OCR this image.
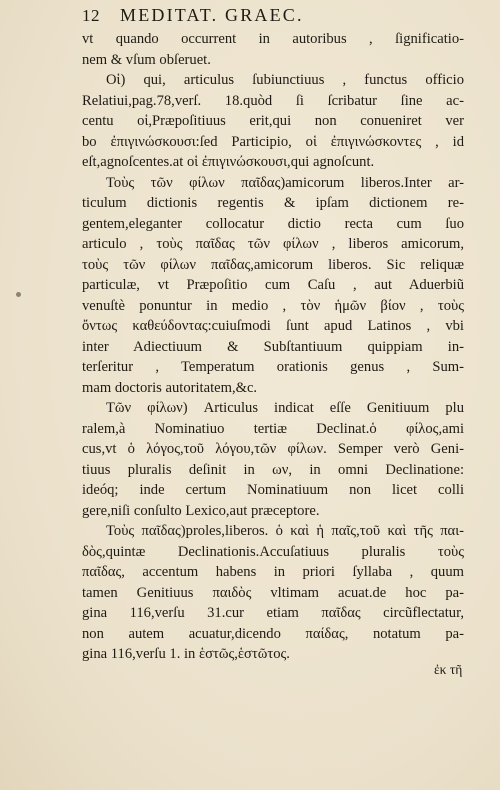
12 MEDITAT. GRAEC.
vt quando occurrent in autoribus , ſignificatio-
nem & vſum obſeruet.
Οἱ) qui, articulus ſubiunctiuus , functus officio
Relatiui,pag.78,verſ. 18.quòd ſi ſcribatur ſine ac-
centu οἱ,Præpoſitiuus erit,qui non conueniret ver
bo ἐπιγινώσκουσι:ſed Participio, οἱ ἐπιγινώσκοντες , id
eſt,agnoſcentes.at οἱ ἐπιγινώσκουσι,qui agnoſcunt.
Τοὺς τῶν φίλων παῖδας)amicorum liberos.Inter ar-
ticulum dictionis regentis & ipſam dictionem re-
gentem,eleganter collocatur dictio recta cum ſuo
articulo , τοὺς παῖδας τῶν φίλων , liberos amicorum,
τοὺς τῶν φίλων παῖδας,amicorum liberos. Sic reliquæ
particulæ, vt Præpoſitio cum Caſu , aut Aduerbiũ
venuſtè ponuntur in medio , τὸν ἡμῶν βίον , τοὺς
ὄντως καθεύδοντας:cuiuſmodi ſunt apud Latinos , vbi
inter Adiectiuum & Subſtantiuum quippiam in-
terſeritur , Temperatum orationis genus , Sum-
mam doctoris autoritatem,&c.
Τῶν φίλων) Articulus indicat eſſe Genitiuum plu
ralem,à Nominatiuo tertiæ Declinat.ὁ φίλος,ami
cus,vt ὁ λόγος,τοῦ λόγου,τῶν φίλων. Semper verò Geni-
tiuus pluralis deſinit in ων, in omni Declinatione:
ideóq; inde certum Nominatiuum non licet colli
gere,niſi conſulto Lexico,aut præceptore.
Τοὺς παῖδας)proles,liberos. ὁ καὶ ἡ παῖς,τοῦ καὶ τῆς παι-
δὸς,quintæ Declinationis.Accuſatiuus pluralis τοὺς
παῖδας, accentum habens in priori ſyllaba , quum
tamen Genitiuus παιδὸς vltimam acuat.de hoc pa-
gina 116,verſu 31.cur etiam παῖδας circũflectatur,
non autem acuatur,dicendo παίδας, notatum pa-
gina 116,verſu 1. in ἑστῶς,ἑστῶτος.
ἐκ τῆ
